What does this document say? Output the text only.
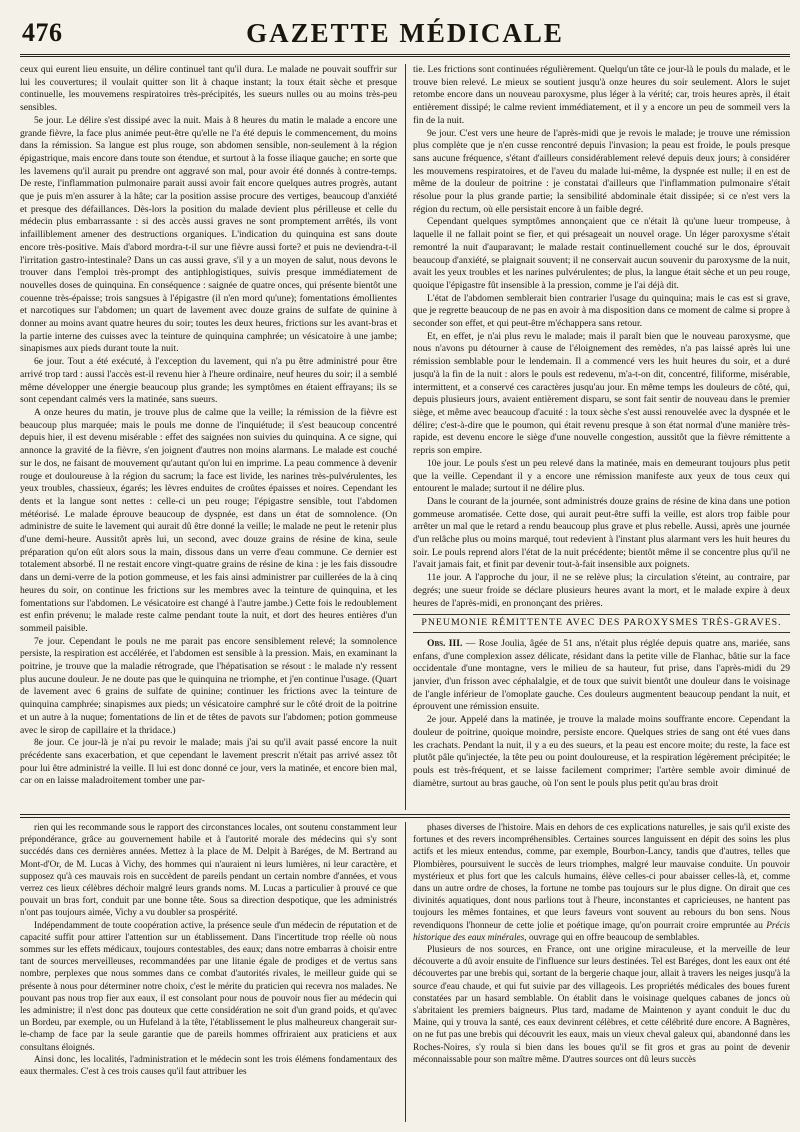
476	GAZETTE MÉDICALE

ceux qui eurent lieu ensuite, un délire continuel tant qu'il dura. Le malade ne pouvait souffrir sur lui les couvertures; il voulait quitter son lit à chaque instant; la toux était sèche et presque continuelle, les mouvemens respiratoires très-précipités, les sueurs nulles ou au moins très-peu sensibles.

5e jour. Le délire s'est dissipé avec la nuit. Mais à 8 heures du matin le malade a encore une grande fièvre, la face plus animée peut-être qu'elle ne l'a été depuis le commencement, du moins dans la rémission. Sa langue est plus rouge, son abdomen sensible, non-seulement à la région épigastrique, mais encore dans toute son étendue, et surtout à la fosse iliaque gauche; en sorte que les lavemens qu'il aurait pu prendre ont aggravé son mal, pour avoir été donnés à contre-temps. De reste, l'inflammation pulmonaire parait aussi avoir fait encore quelques autres progrès, autant que je puis m'en assurer à la hâte; car la position assise procure des vertiges, beaucoup d'anxiété et presque des défaillances. Dès-lors la position du malade devient plus périlleuse et celle du médecin plus embarrassante : si des accès aussi graves ne sont promptement arrêtés, ils vont infailliblement amener des destructions organiques. L'indication du quinquina est sans doute encore très-positive. Mais d'abord mordra-t-il sur une fièvre aussi forte? et puis ne deviendra-t-il l'irritation gastro-intestinale? Dans un cas aussi grave, s'il y a un moyen de salut, nous devons le trouver dans l'emploi très-prompt des antiphlogistiques, suivis presque immédiatement de nouvelles doses de quinquina. En conséquence : saignée de quatre onces, qui présente bientôt une couenne très-épaisse; trois sangsues à l'épigastre (il n'en mord qu'une); fomentations émollientes et narcotiques sur l'abdomen; un quart de lavement avec douze grains de sulfate de quinine à donner au moins avant quatre heures du soir; toutes les deux heures, frictions sur les avant-bras et la partie interne des cuisses avec la teinture de quinquina camphrée; un vésicatoire à une jambe; sinapismes aux pieds durant toute la nuit.

6e jour. Tout a été exécuté, à l'exception du lavement, qui n'a pu être administré pour être arrivé trop tard : aussi l'accès est-il revenu hier à l'heure ordinaire, neuf heures du soir; il a semblé même développer une énergie beaucoup plus grande; les symptômes en étaient effrayans; ils se sont cependant calmés vers la matinée, sans sueurs.

A onze heures du matin, je trouve plus de calme que la veille; la rémission de la fièvre est beaucoup plus marquée; mais le pouls me donne de l'inquiétude; il s'est beaucoup concentré depuis hier, il est devenu misérable : effet des saignées non suivies du quinquina. A ce signe, qui annonce la gravité de la fièvre, s'en joignent d'autres non moins alarmans. Le malade est couché sur le dos, ne faisant de mouvement qu'autant qu'on lui en imprime. La peau commence à devenir rouge et douloureuse à la région du sacrum; la face est livide, les narines très-pulvérulentes, les yeux troubles, chassieux, égarés; les lèvres enduites de croûtes épaisses et noires. Cependant les dents et la langue sont nettes : celle-ci un peu rouge; l'épigastre sensible, tout l'abdomen météorisé. Le malade éprouve beaucoup de dyspnée, est dans un état de somnolence. (On administre de suite le lavement qui aurait dû être donné la veille; le malade ne peut le retenir plus d'une demi-heure. Aussitôt après lui, un second, avec douze grains de résine de kina, seule préparation qu'on eût alors sous la main, dissous dans un verre d'eau commune. Ce dernier est totalement absorbé. Il ne restait encore vingt-quatre grains de résine de kina : je les fais dissoudre dans un demi-verre de la potion gommeuse, et les fais ainsi administrer par cuillerées de la à cinq heures du soir, on continue les frictions sur les membres avec la teinture de quinquina, et les fomentations sur l'abdomen. Le vésicatoire est changé à l'autre jambe.) Cette fois le redoublement est enfin prévenu; le malade reste calme pendant toute la nuit, et dort des heures entières d'un sommeil paisible.

7e jour. Cependant le pouls ne me parait pas encore sensiblement relevé; la somnolence persiste, la respiration est accélérée, et l'abdomen est sensible à la pression. Mais, en examinant la poitrine, je trouve que la maladie rétrograde, que l'hépatisation se résout : le malade n'y ressent plus aucune douleur. Je ne doute pas que le quinquina ne triomphe, et j'en continue l'usage. (Quart de lavement avec 6 grains de sulfate de quinine; continuer les frictions avec la teinture de quinquina camphrée; sinapismes aux pieds; un vésicatoire camphré sur le côté droit de la poitrine et un autre à la nuque; fomentations de lin et de têtes de pavots sur l'abdomen; potion gommeuse avec le sirop de capillaire et la thridace.)

8e jour. Ce jour-là je n'ai pu revoir le malade; mais j'ai su qu'il avait passé encore la nuit précédente sans exacerbation, et que cependant le lavement prescrit n'était pas arrivé assez tôt pour lui être administré la veille. Il lui est donc donné ce jour, vers la matinée, et encore bien mal, car on en laisse maladroitement tomber une par-

tie. Les frictions sont continuées régulièrement. Quelqu'un tâte ce jour-là le pouls du malade, et le trouve bien relevé. Le mieux se soutient jusqu'à onze heures du soir seulement. Alors le sujet retombe encore dans un nouveau paroxysme, plus léger à la vérité; car, trois heures après, il était entièrement dissipé; le calme revient immédiatement, et il y a encore un peu de sommeil vers la fin de la nuit.

9e jour. C'est vers une heure de l'après-midi que je revois le malade; je trouve une rémission plus complète que je n'en cusse rencontré depuis l'invasion; la peau est froide, le pouls presque sans aucune fréquence, s'étant d'ailleurs considérablement relevé depuis deux jours; à considérer les mouvemens respiratoires, et de l'aveu du malade lui-même, la dyspnée est nulle; il en est de même de la douleur de poitrine : je constatai d'ailleurs que l'inflammation pulmonaire s'était résolue pour la plus grande partie; la sensibilité abdominale était dissipée; si ce n'est vers la région du rectum, où elle persistait encore à un faible degré.

Cependant quelques symptômes annonçaient que ce n'était là qu'une lueur trompeuse, à laquelle il ne fallait point se fier, et qui présageait un nouvel orage. Un léger paroxysme s'était remontré la nuit d'auparavant; le malade restait continuellement couché sur le dos, éprouvait beaucoup d'anxiété, se plaignait souvent; il ne conservait aucun souvenir du paroxysme de la nuit, avait les yeux troubles et les narines pulvérulentes; de plus, la langue était sèche et un peu rouge, quoique l'épigastre fût insensible à la pression, comme je l'ai déjà dit.

L'état de l'abdomen semblerait bien contrarier l'usage du quinquina; mais le cas est si grave, que je regrette beaucoup de ne pas en avoir à ma disposition dans ce moment de calme si propre à seconder son effet, et qui peut-être m'échappera sans retour.

Et, en effet, je n'ai plus revu le malade; mais il paraît bien que le nouveau paroxysme, que nous n'avons pu détourner à cause de l'éloignement des remèdes, n'a pas laissé après lui une rémission semblable pour le lendemain. Il a commencé vers les huit heures du soir, et a duré jusqu'à la fin de la nuit : alors le pouls est redevenu, m'a-t-on dit, concentré, filiforme, misérable, intermittent, et a conservé ces caractères jusqu'au jour. En même temps les douleurs de côté, qui, depuis plusieurs jours, avaient entièrement disparu, se sont fait sentir de nouveau dans le premier siège, et même avec beaucoup d'acuité : la toux sèche s'est aussi renouvelée avec la dyspnée et le délire; c'est-à-dire que le poumon, qui était revenu presque à son état normal d'une manière très-rapide, est devenu encore le siège d'une nouvelle congestion, aussitôt que la fièvre rémittente a repris son empire.

10e jour. Le pouls s'est un peu relevé dans la matinée, mais en demeurant toujours plus petit que la veille. Cependant il y a encore une rémission manifeste aux yeux de tous ceux qui entourent le malade; surtout il ne délire plus.

Dans le courant de la journée, sont administrés douze grains de résine de kina dans une potion gommeuse aromatisée. Cette dose, qui aurait peut-être suffi la veille, est alors trop faible pour arrêter un mal que le retard a rendu beaucoup plus grave et plus rebelle. Aussi, après une journée d'un relâche plus ou moins marqué, tout redevient à l'instant plus alarmant vers les huit heures du soir. Le pouls reprend alors l'état de la nuit précédente; bientôt même il se concentre plus qu'il ne l'avait jamais fait, et finit par devenir tout-à-fait insensible aux poignets.

11e jour. A l'approche du jour, il ne se relève plus; la circulation s'éteint, au contraire, par degrés; une sueur froide se déclare plusieurs heures avant la mort, et le malade expire à deux heures de l'après-midi, en prononçant des prières.

PNEUMONIE RÉMITTENTE AVEC DES PAROXYSMES TRÈS-GRAVES.

Obs. III. — Rose Joulia, âgée de 51 ans, n'était plus réglée depuis quatre ans, mariée, sans enfans, d'une complexion assez délicate, résidant dans la petite ville de Flanhac, bâtie sur la face occidentale d'une montagne, vers le milieu de sa hauteur, fut prise, dans l'après-midi du 29 janvier, d'un frisson avec céphalalgie, et de toux que suivit bientôt une douleur dans le voisinage de l'angle inférieur de l'omoplate gauche. Ces douleurs augmentent beaucoup pendant la nuit, et éprouvent une rémission ensuite.

2e jour. Appelé dans la matinée, je trouve la malade moins souffrante encore. Cependant la douleur de poitrine, quoique moindre, persiste encore. Quelques stries de sang ont été vues dans les crachats. Pendant la nuit, il y a eu des sueurs, et la peau est encore moite; du reste, la face est plutôt pâle qu'injectée, la tête peu ou point douloureuse, et la respiration légèrement précipitée; le pouls est très-fréquent, et se laisse facilement comprimer; l'artère semble avoir diminué de diamètre, surtout au bras gauche, où l'on sent le pouls plus petit qu'au bras droit

rien qui les recommande sous le rapport des circonstances locales, ont soutenu constamment leur prépondérance, grâce au gouvernement habile et à l'autorité morale des médecins qui s'y sont succédés dans ces dernières années. Mettez à la place de M. Delpit à Baréges, de M. Bertrand au Mont-d'Or, de M. Lucas à Vichy, des hommes qui n'auraient ni leurs lumières, ni leur caractère, et supposez qu'à ces mauvais rois en succèdent de pareils pendant un certain nombre d'années, et vous verrez ces lieux célèbres déchoir malgré leurs grands noms. M. Lucas a particulier à prouvé ce que pouvait un bras fort, conduit par une bonne tête. Sous sa direction despotique, que les administrés n'ont pas toujours aimée, Vichy a vu doubler sa prospérité.

Indépendamment de toute coopération active, la présence seule d'un médecin de réputation et de capacité suffit pour attirer l'attention sur un établissement. Dans l'incertitude trop réelle où nous sommes sur les effets médicaux, toujours contestables, des eaux; dans notre embarras à choisir entre tant de sources merveilleuses, recommandées par une litanie égale de prodiges et de vertus sans nombre, perplexes que nous sommes dans ce combat d'autorités rivales, le meilleur guide qui se présente à nous pour déterminer notre choix, c'est le mérite du praticien qui recevra nos malades. Ne pouvant pas nous trop fier aux eaux, il est consolant pour nous de pouvoir nous fier au médecin qui les administre; il n'est donc pas douteux que cette considération ne soit d'un grand poids, et qu'avec un Bordeu, par exemple, ou un Hufeland à la tête, l'établissement le plus malheureux changerait sur-le-champ de face par la seule garantie que de pareils hommes offriraient aux praticiens et aux consultans éloignés.

Ainsi donc, les localités, l'administration et le médecin sont les trois élémens fondamentaux des eaux thermales. C'est à ces trois causes qu'il faut attribuer les

phases diverses de l'histoire. Mais en dehors de ces explications naturelles, je sais qu'il existe des fortunes et des revers incompréhensibles. Certaines sources languissent en dépit des soins les plus actifs et les mieux entendus, comme, par exemple, Bourbon-Lancy, tandis que d'autres, telles que Plombières, poursuivent le succès de leurs triomphes, malgré leur mauvaise conduite. Un pouvoir mystérieux et plus fort que les calculs humains, élève celles-ci pour abaisser celles-là, et, comme dans un autre ordre de choses, la fortune ne tombe pas toujours sur le plus digne. On dirait que ces divinités aquatiques, dont nous parlions tout à l'heure, inconstantes et capricieuses, ne hantent pas toujours les mêmes fontaines, et que leurs faveurs vont souvent au rebours du bon sens. Nous revendiquons l'honneur de cette jolie et poétique image, qu'on pourrait croire empruntée au Précis historique des eaux minérales, ouvrage qui en offre beaucoup de semblables.

Plusieurs de nos sources, en France, ont une origine miraculeuse, et la merveille de leur découverte a dû avoir ensuite de l'influence sur leurs destinées. Tel est Baréges, dont les eaux ont été découvertes par une brebis qui, sortant de la bergerie chaque jour, allait à travers les neiges jusqu'à la source d'eau chaude, et qui fut suivie par des villageois. Les propriétés médicales des boues furent constatées par un hasard semblable. On établit dans le voisinage quelques cabanes de joncs où s'abritaient les premiers baigneurs. Plus tard, madame de Maintenon y ayant conduit le duc du Maine, qui y trouva la santé, ces eaux devinrent célèbres, et cette célébrité dure encore. A Bagnères, on ne fut pas une brebis qui découvrit les eaux, mais un vieux cheval galeux qui, abandonné dans les Roches-Noires, s'y roula si bien dans les boues qu'il se fit gros et gras au point de devenir méconnaissable pour son maître même. D'autres sources ont dû leurs succès
